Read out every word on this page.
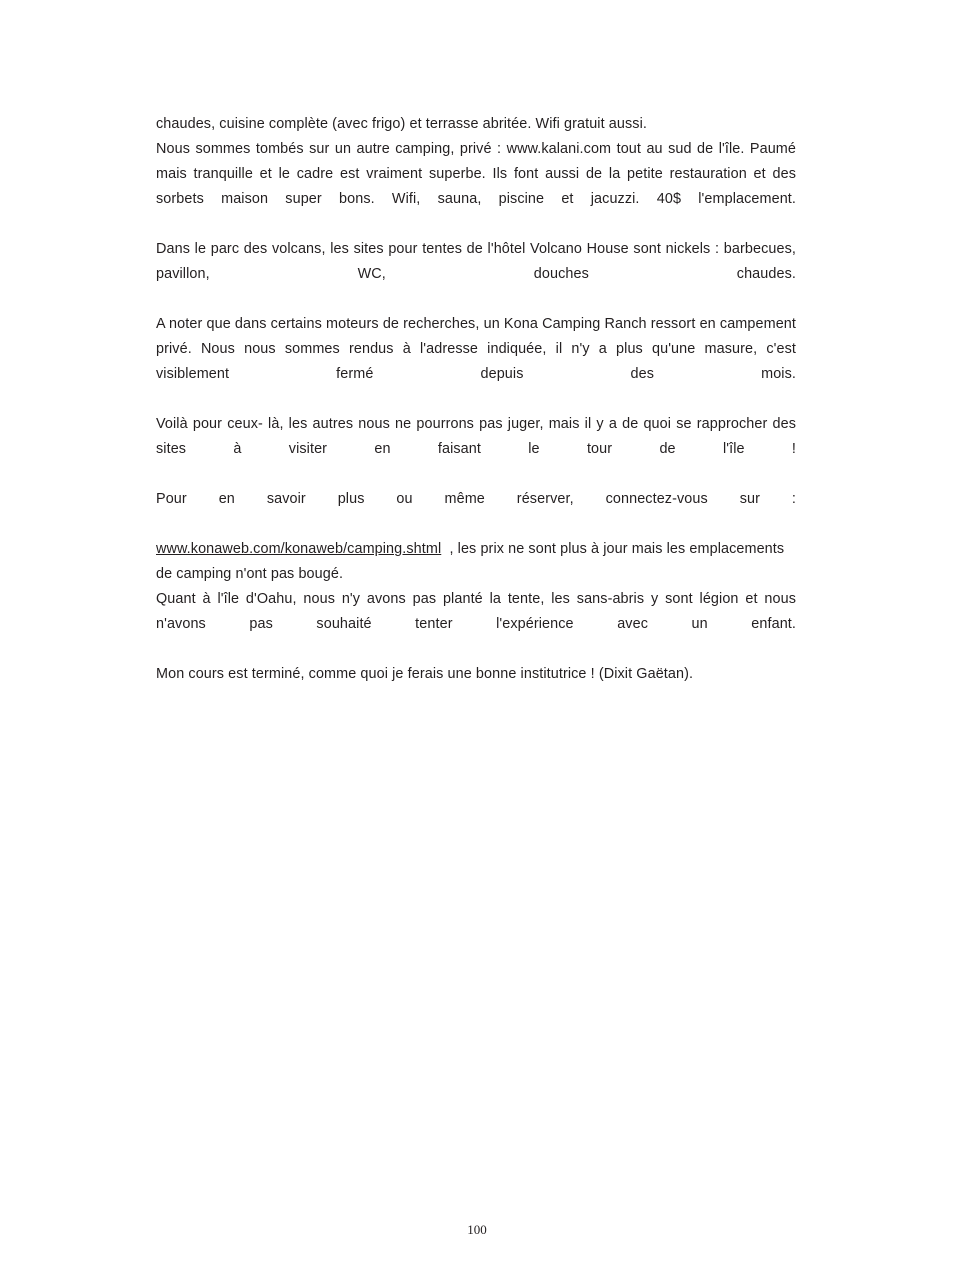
chaudes, cuisine complète (avec frigo) et terrasse abritée. Wifi gratuit aussi.

Nous sommes tombés sur un autre camping, privé : www.kalani.com tout au sud de l'île. Paumé mais tranquille et le cadre est vraiment superbe. Ils font aussi de la petite restauration et des sorbets maison super bons. Wifi, sauna, piscine et jacuzzi. 40$ l'emplacement.

Dans le parc des volcans, les sites pour tentes de l'hôtel Volcano House sont nickels : barbecues, pavillon, WC, douches chaudes.

A noter que dans certains moteurs de recherches, un Kona Camping Ranch ressort en campement privé. Nous nous sommes rendus à l'adresse indiquée, il n'y a plus qu'une masure, c'est visiblement fermé depuis des mois.

Voilà pour ceux- là, les autres nous ne pourrons pas juger, mais il y a de quoi se rapprocher des sites à visiter en faisant le tour de l'île !

Pour en savoir plus ou même réserver, connectez-vous sur :

www.konaweb.com/konaweb/camping.shtml , les prix ne sont plus à jour mais les emplacements de camping n'ont pas bougé.

Quant à l'île d'Oahu, nous n'y avons pas planté la tente, les sans-abris y sont légion et nous n'avons pas souhaité tenter l'expérience avec un enfant.

Mon cours est terminé, comme quoi je ferais une bonne institutrice ! (Dixit Gaëtan).

100
